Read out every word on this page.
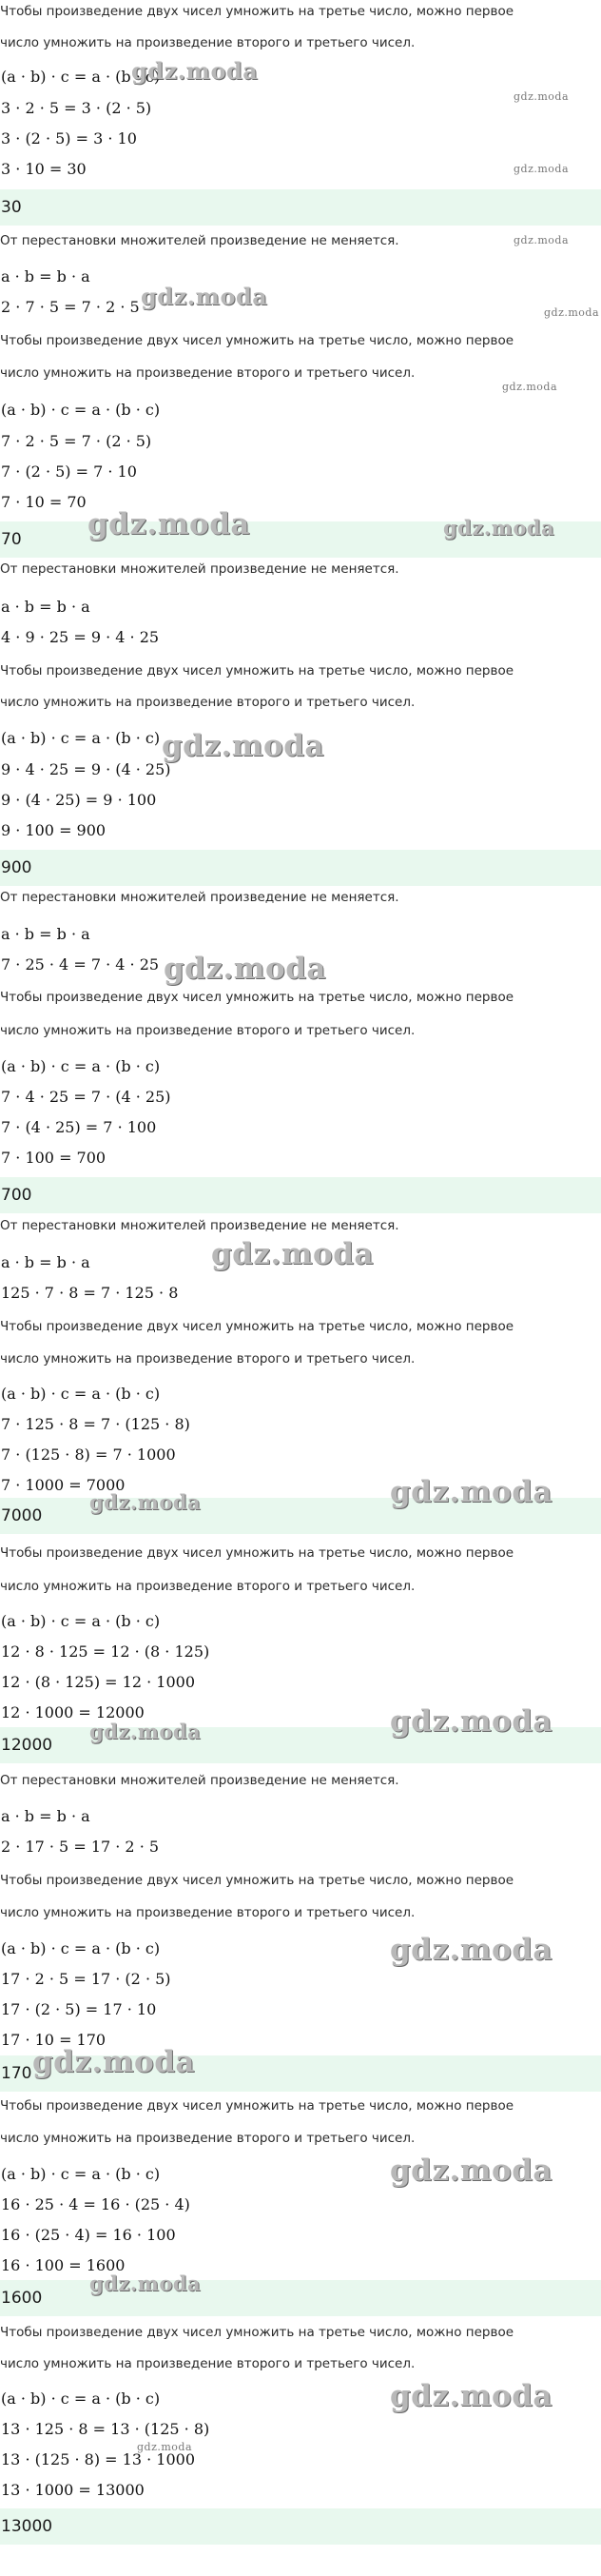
Чтобы произведение двух чисел умножить на третье число, можно первое
число умножить на произведение второго и третьего чисел.
(a · b) · c = a · (b · c)
3 · 2 · 5 = 3 · (2 · 5)
3 · (2 · 5) = 3 · 10
3 · 10 = 30
30
От перестановки множителей произведение не меняется.
a · b = b · a
2 · 7 · 5 = 7 · 2 · 5
Чтобы произведение двух чисел умножить на третье число, можно первое
число умножить на произведение второго и третьего чисел.
(a · b) · c = a · (b · c)
7 · 2 · 5 = 7 · (2 · 5)
7 · (2 · 5) = 7 · 10
7 · 10 = 70
70
От перестановки множителей произведение не меняется.
a · b = b · a
4 · 9 · 25 = 9 · 4 · 25
Чтобы произведение двух чисел умножить на третье число, можно первое
число умножить на произведение второго и третьего чисел.
(a · b) · c = a · (b · c)
9 · 4 · 25 = 9 · (4 · 25)
9 · (4 · 25) = 9 · 100
9 · 100 = 900
900
От перестановки множителей произведение не меняется.
a · b = b · a
7 · 25 · 4 = 7 · 4 · 25
Чтобы произведение двух чисел умножить на третье число, можно первое
число умножить на произведение второго и третьего чисел.
(a · b) · c = a · (b · c)
7 · 4 · 25 = 7 · (4 · 25)
7 · (4 · 25) = 7 · 100
7 · 100 = 700
700
От перестановки множителей произведение не меняется.
a · b = b · a
125 · 7 · 8 = 7 · 125 · 8
Чтобы произведение двух чисел умножить на третье число, можно первое
число умножить на произведение второго и третьего чисел.
(a · b) · c = a · (b · c)
7 · 125 · 8 = 7 · (125 · 8)
7 · (125 · 8) = 7 · 1000
7 · 1000 = 7000
7000
Чтобы произведение двух чисел умножить на третье число, можно первое
число умножить на произведение второго и третьего чисел.
(a · b) · c = a · (b · c)
12 · 8 · 125 = 12 · (8 · 125)
12 · (8 · 125) = 12 · 1000
12 · 1000 = 12000
12000
От перестановки множителей произведение не меняется.
a · b = b · a
2 · 17 · 5 = 17 · 2 · 5
Чтобы произведение двух чисел умножить на третье число, можно первое
число умножить на произведение второго и третьего чисел.
(a · b) · c = a · (b · c)
17 · 2 · 5 = 17 · (2 · 5)
17 · (2 · 5) = 17 · 10
17 · 10 = 170
170
Чтобы произведение двух чисел умножить на третье число, можно первое
число умножить на произведение второго и третьего чисел.
(a · b) · c = a · (b · c)
16 · 25 · 4 = 16 · (25 · 4)
16 · (25 · 4) = 16 · 100
16 · 100 = 1600
1600
Чтобы произведение двух чисел умножить на третье число, можно первое
число умножить на произведение второго и третьего чисел.
(a · b) · c = a · (b · c)
13 · 125 · 8 = 13 · (125 · 8)
13 · (125 · 8) = 13 · 1000
13 · 1000 = 13000
13000
gdz.moda
gdz.moda
gdz.moda
gdz.moda
gdz.moda
gdz.moda
gdz.moda
gdz.moda	gdz.moda
gdz.moda
gdz.moda
gdz.moda
gdz.moda	gdz.moda
gdz.moda	gdz.moda
gdz.moda
gdz.moda
gdz.moda
gdz.moda
gdz.moda
gdz.moda
